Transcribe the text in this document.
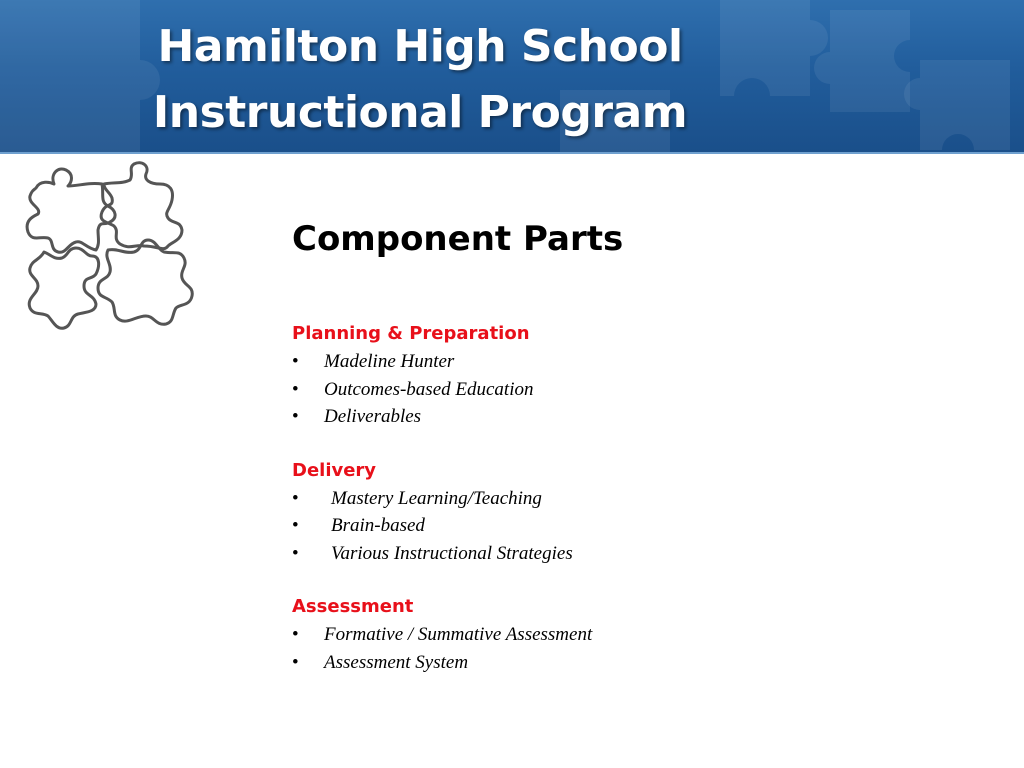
Hamilton High School
Instructional Program
Component Parts
Planning & Preparation
•	Madeline Hunter
•	Outcomes-based Education
•	Deliverables
Delivery
•	Mastery Learning/Teaching
•	Brain-based
•	Various Instructional Strategies
Assessment
•	Formative / Summative Assessment
•	Assessment System
